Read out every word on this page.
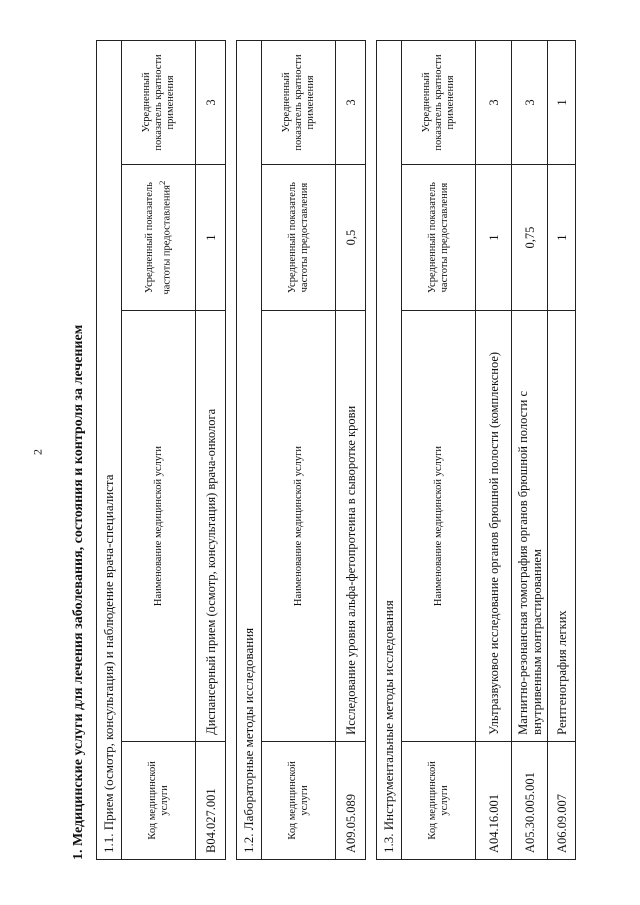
2 1. Медицинские услуги для лечения заболевания, состояния и контроля за лечением 1.1. Прием (осмотр, консультация) и наблюдение врача-специалиста			
Код медицинской услуги	Наименование медицинской услуги	Усредненный показатель частоты предоставления$^2$	Усредненный показатель кратности применения
B04.027.001	Диспансерный прием (осмотр, консультация) врача-онколога	1	3
1.2. Лабораторные методы исследования			
Код медицинской услуги	Наименование медицинской услуги	Усредненный показатель частоты предоставления	Усредненный показатель кратности применения
A09.05.089	Исследование уровня альфа-фетопротеина в сыворотке крови	0,5	3
1.3. Инструментальные методы исследования			
Код медицинской услуги	Наименование медицинской услуги	Усредненный показатель частоты предоставления	Усредненный показатель кратности применения
A04.16.001	Ультразвуковое исследование органов брюшной полости (комплексное)	1	3
A05.30.005.001	Магнитно-резонансная томография органов брюшной полости с внутривенным контрастированием	0,75	3
A06.09.007	Рентгенография легких	1	1
